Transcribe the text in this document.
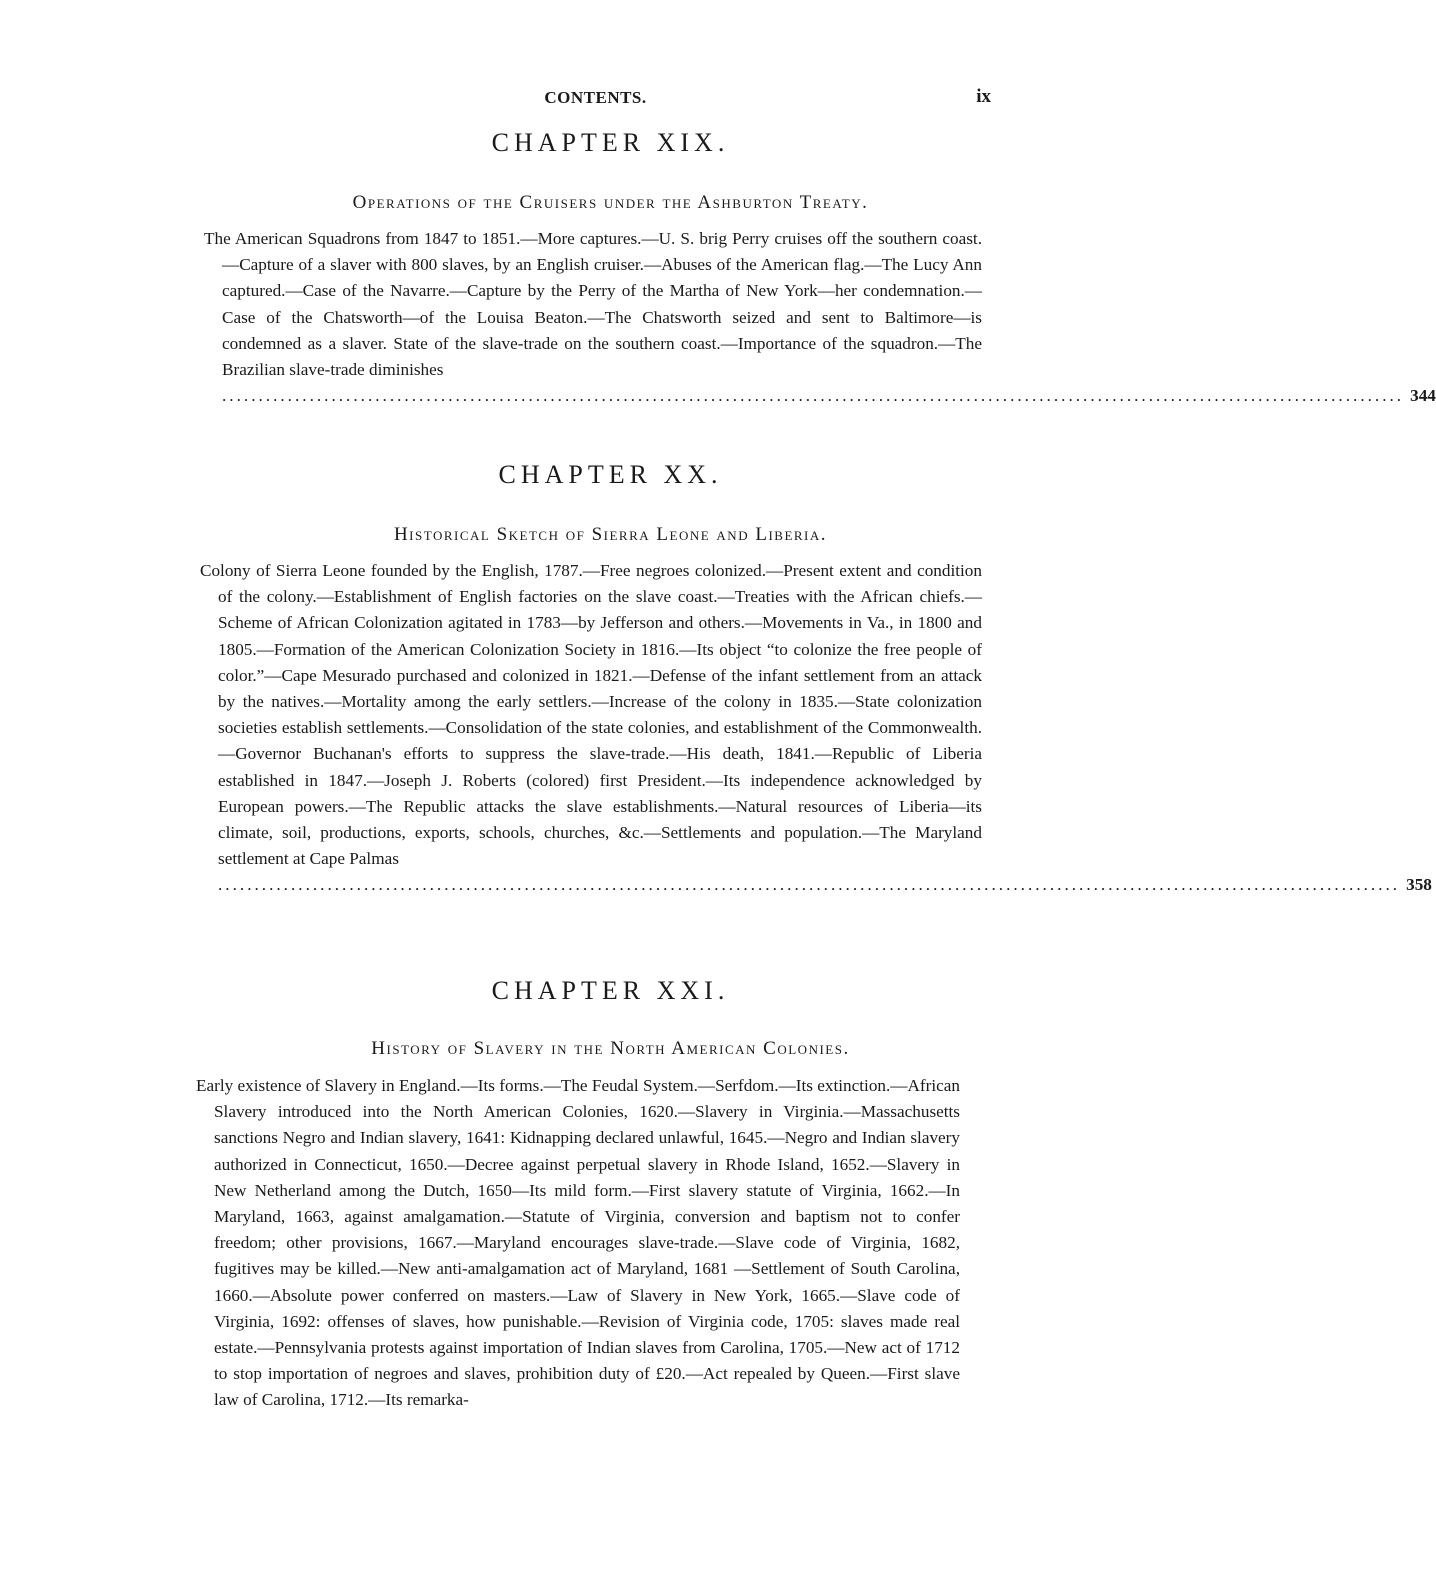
CONTENTS.	ix
CHAPTER XIX.
Operations of the Cruisers under the Ashburton Treaty.
The American Squadrons from 1847 to 1851.—More captures.—U. S. brig Perry cruises off the southern coast.—Capture of a slaver with 800 slaves, by an English cruiser.—Abuses of the American flag.—The Lucy Ann captured.—Case of the Navarre.—Capture by the Perry of the Martha of New York—her condemnation.—Case of the Chatsworth—of the Louisa Beaton.—The Chatsworth seized and sent to Baltimore—is condemned as a slaver. State of the slave-trade on the southern coast.—Importance of the squadron.—The Brazilian slave-trade diminishes
.................................................................................................................................................................. 344
CHAPTER XX.
Historical Sketch of Sierra Leone and Liberia.
Colony of Sierra Leone founded by the English, 1787.—Free negroes colonized.—Present extent and condition of the colony.—Establishment of English factories on the slave coast.—Treaties with the African chiefs.—Scheme of African Colonization agitated in 1783—by Jefferson and others.—Movements in Va., in 1800 and 1805.—Formation of the American Colonization Society in 1816.—Its object “to colonize the free people of color.”—Cape Mesurado purchased and colonized in 1821.—Defense of the infant settlement from an attack by the natives.—Mortality among the early settlers.—Increase of the colony in 1835.—State colonization societies establish settlements.—Consolidation of the state colonies, and establishment of the Commonwealth.—Governor Buchanan's efforts to suppress the slave-trade.—His death, 1841.—Republic of Liberia established in 1847.—Joseph J. Roberts (colored) first President.—Its independence acknowledged by European powers.—The Republic attacks the slave establishments.—Natural resources of Liberia—its climate, soil, productions, exports, schools, churches, &c.—Settlements and population.—The Maryland settlement at Cape Palmas
.................................................................................................................................................................. 358
CHAPTER XXI.
History of Slavery in the North American Colonies.
Early existence of Slavery in England.—Its forms.—The Feudal System.—Serfdom.—Its extinction.—African Slavery introduced into the North American Colonies, 1620.—Slavery in Virginia.—Massachusetts sanctions Negro and Indian slavery, 1641: Kidnapping declared unlawful, 1645.—Negro and Indian slavery authorized in Connecticut, 1650.—Decree against perpetual slavery in Rhode Island, 1652.—Slavery in New Netherland among the Dutch, 1650—Its mild form.—First slavery statute of Virginia, 1662.—In Maryland, 1663, against amalgamation.—Statute of Virginia, conversion and baptism not to confer freedom; other provisions, 1667.—Maryland encourages slave-trade.—Slave code of Virginia, 1682, fugitives may be killed.—New anti-amalgamation act of Maryland, 1681 —Settlement of South Carolina, 1660.—Absolute power conferred on masters.—Law of Slavery in New York, 1665.—Slave code of Virginia, 1692: offenses of slaves, how punishable.—Revision of Virginia code, 1705: slaves made real estate.—Pennsylvania protests against importation of Indian slaves from Carolina, 1705.—New act of 1712 to stop importation of negroes and slaves, prohibition duty of £20.—Act repealed by Queen.—First slave law of Carolina, 1712.—Its remarka-
